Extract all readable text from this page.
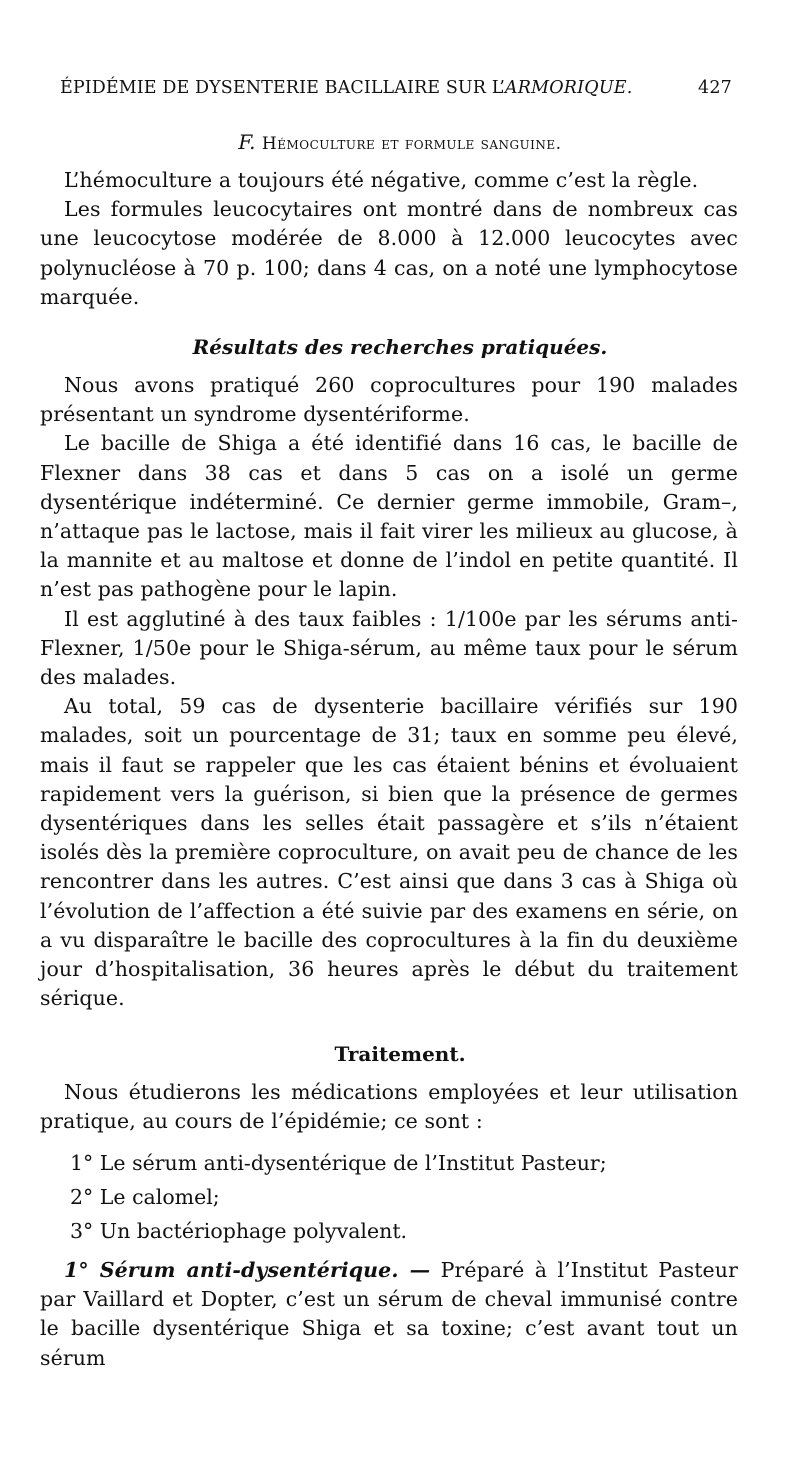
ÉPIDÉMIE DE DYSENTERIE BACILLAIRE SUR L’ARMORIQUE.	427
F. Hémoculture et formule sanguine.

L’hémoculture a toujours été négative, comme c’est la règle.

Les formules leucocytaires ont montré dans de nombreux cas une leucocytose modérée de 8.000 à 12.000 leucocytes avec polynucléose à 70 p. 100; dans 4 cas, on a noté une lymphocytose marquée.

Résultats des recherches pratiquées.

Nous avons pratiqué 260 coprocultures pour 190 malades présentant un syndrome dysentériforme.

Le bacille de Shiga a été identifié dans 16 cas, le bacille de Flexner dans 38 cas et dans 5 cas on a isolé un germe dysentérique indéterminé. Ce dernier germe immobile, Gram–, n’attaque pas le lactose, mais il fait virer les milieux au glucose, à la mannite et au maltose et donne de l’indol en petite quantité. Il n’est pas pathogène pour le lapin.

Il est agglutiné à des taux faibles : 1/100e par les sérums anti-Flexner, 1/50e pour le Shiga-sérum, au même taux pour le sérum des malades.

Au total, 59 cas de dysenterie bacillaire vérifiés sur 190 malades, soit un pourcentage de 31; taux en somme peu élevé, mais il faut se rappeler que les cas étaient bénins et évoluaient rapidement vers la guérison, si bien que la présence de germes dysentériques dans les selles était passagère et s’ils n’étaient isolés dès la première coproculture, on avait peu de chance de les rencontrer dans les autres. C’est ainsi que dans 3 cas à Shiga où l’évolution de l’affection a été suivie par des examens en série, on a vu disparaître le bacille des coprocultures à la fin du deuxième jour d’hospitalisation, 36 heures après le début du traitement sérique.

Traitement.

Nous étudierons les médications employées et leur utilisation pratique, au cours de l’épidémie; ce sont :

1° Le sérum anti-dysentérique de l’Institut Pasteur;
2° Le calomel;
3° Un bactériophage polyvalent.

1° Sérum anti-dysentérique. — Préparé à l’Institut Pasteur par Vaillard et Dopter, c’est un sérum de cheval immunisé contre le bacille dysentérique Shiga et sa toxine; c’est avant tout un sérum
